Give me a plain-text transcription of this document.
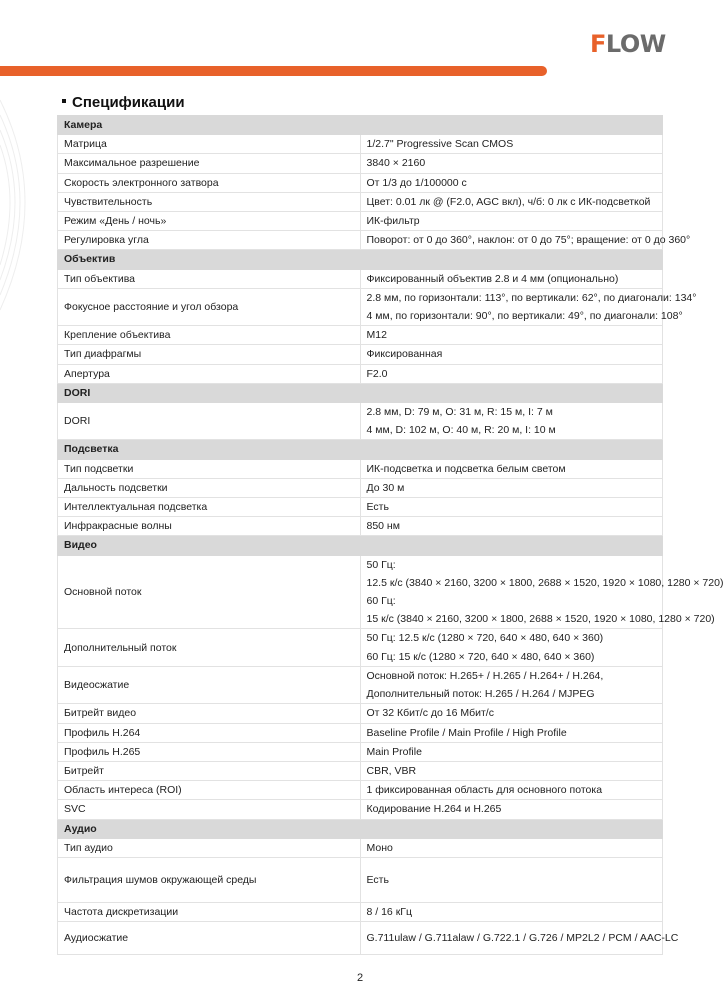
FLOW
Спецификации
Камера	
Матрица	1/2.7" Progressive Scan CMOS

Максимальное разрешение	3840 × 2160

Скорость электронного затвора	От 1/3 до 1/100000 с

Чувствительность	Цвет: 0.01 лк @ (F2.0, AGC вкл), ч/б: 0 лк с ИК-подсветкой

Режим «День / ночь»	ИК-фильтр

Регулировка угла	Поворот: от 0 до 360°, наклон: от 0 до 75°; вращение: от 0 до 360°

Объектив	
Тип объектива	Фиксированный объектив 2.8 и 4 мм (опционально)

Фокусное расстояние и угол обзора	2.8 мм, по горизонтали: 113°, по вертикали: 62°, по диагонали: 134°
4 мм, по горизонтали: 90°, по вертикали: 49°, по диагонали: 108°

Крепление объектива	M12

Тип диафрагмы	Фиксированная

Апертура	F2.0

DORI	
DORI	2.8 мм, D: 79 м, O: 31 м, R: 15 м, I: 7 м
4 мм, D: 102 м, O: 40 м, R: 20 м, I: 10 м

Подсветка	
Тип подсветки	ИК-подсветка и подсветка белым светом

Дальность подсветки	До 30 м

Интеллектуальная подсветка	Есть

Инфракрасные волны	850 нм

Видео	
Основной поток	50 Гц:
12.5 к/с (3840 × 2160, 3200 × 1800, 2688 × 1520, 1920 × 1080, 1280 × 720)
60 Гц:
15 к/с (3840 × 2160, 3200 × 1800, 2688 × 1520, 1920 × 1080, 1280 × 720)

Дополнительный поток	50 Гц: 12.5 к/с (1280 × 720, 640 × 480, 640 × 360)
60 Гц: 15 к/с (1280 × 720, 640 × 480, 640 × 360)

Видеосжатие	Основной поток: H.265+ / H.265 / H.264+ / H.264,
Дополнительный поток: H.265 / H.264 / MJPEG

Битрейт видео	От 32 Кбит/с до 16 Мбит/с

Профиль H.264	Baseline Profile / Main Profile / High Profile

Профиль H.265	Main Profile

Битрейт	CBR, VBR

Область интереса (ROI)	1 фиксированная область для основного потока

SVC	Кодирование H.264 и H.265

Аудио	
Тип аудио	Моно

Фильтрация шумов окружающей среды	Есть

Частота дискретизации	8 / 16 кГц

Аудиосжатие	G.711ulaw / G.711alaw / G.722.1 / G.726 / MP2L2 / PCM / AAC-LC
2
